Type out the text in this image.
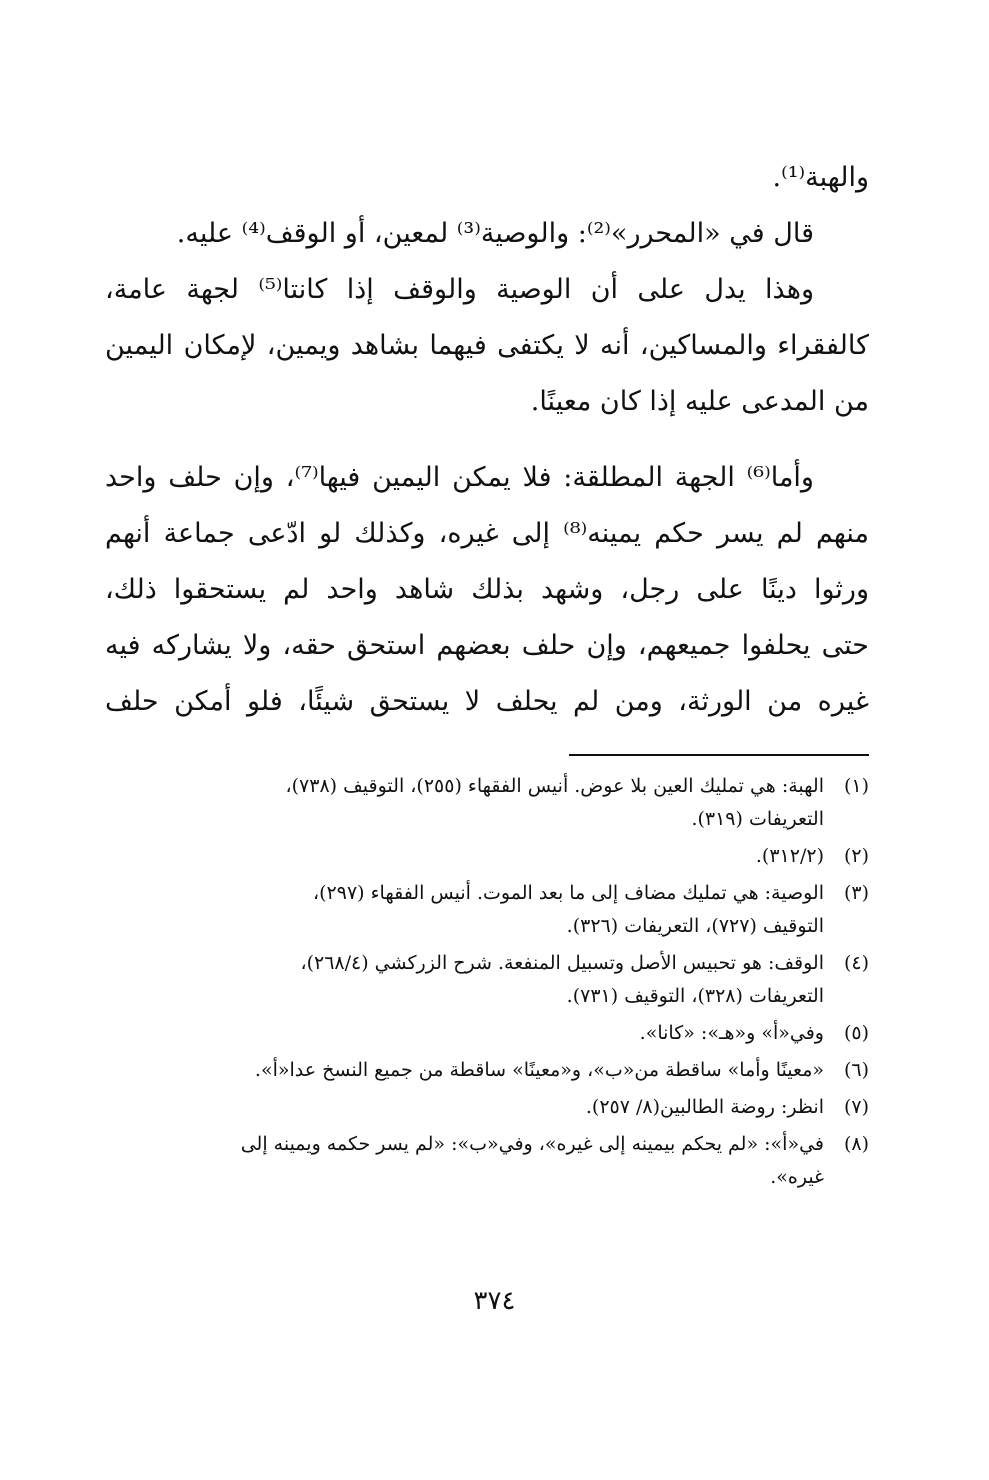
والهبة⁽¹⁾.
قال في «المحرر»⁽²⁾: والوصية⁽³⁾ لمعين، أو الوقف⁽⁴⁾ عليه.
وهذا يدل على أن الوصية والوقف إذا كانتا⁽⁵⁾ لجهة عامة،
كالفقراء والمساكين، أنه لا يكتفى فيهما بشاهد ويمين، لإمكان اليمين
من المدعى عليه إذا كان معينًا.
وأما⁽⁶⁾ الجهة المطلقة: فلا يمكن اليمين فيها⁽⁷⁾، وإن حلف واحد
منهم لم يسر حكم يمينه⁽⁸⁾ إلى غيره، وكذلك لو ادّعى جماعة أنهم
ورثوا دينًا على رجل، وشهد بذلك شاهد واحد لم يستحقوا ذلك،
حتى يحلفوا جميعهم، وإن حلف بعضهم استحق حقه، ولا يشاركه فيه
غيره من الورثة، ومن لم يحلف لا يستحق شيئًا، فلو أمكن حلف
(١)
الهبة: هي تمليك العين بلا عوض. أنيس الفقهاء (٢٥٥)، التوقيف (٧٣٨)،
التعريفات (٣١٩).
(٢)
(٣١٢/٢).
(٣)
الوصية: هي تمليك مضاف إلى ما بعد الموت. أنيس الفقهاء (٢٩٧)،
التوقيف (٧٢٧)، التعريفات (٣٢٦).
(٤)
الوقف: هو تحبيس الأصل وتسبيل المنفعة. شرح الزركشي (٢٦٨/٤)،
التعريفات (٣٢٨)، التوقيف (٧٣١).
(٥)
وفي«أ» و«هـ»: «كانا».
(٦)
«معينًا وأما» ساقطة من«ب»، و«معينًا» ساقطة من جميع النسخ عدا«أ».
(٧)
انظر: روضة الطالبين(٨/ ٢٥٧).
(٨)
في«أ»: «لم يحكم بيمينه إلى غيره»، وفي«ب»: «لم يسر حكمه ويمينه إلى
غيره».
٣٧٤
